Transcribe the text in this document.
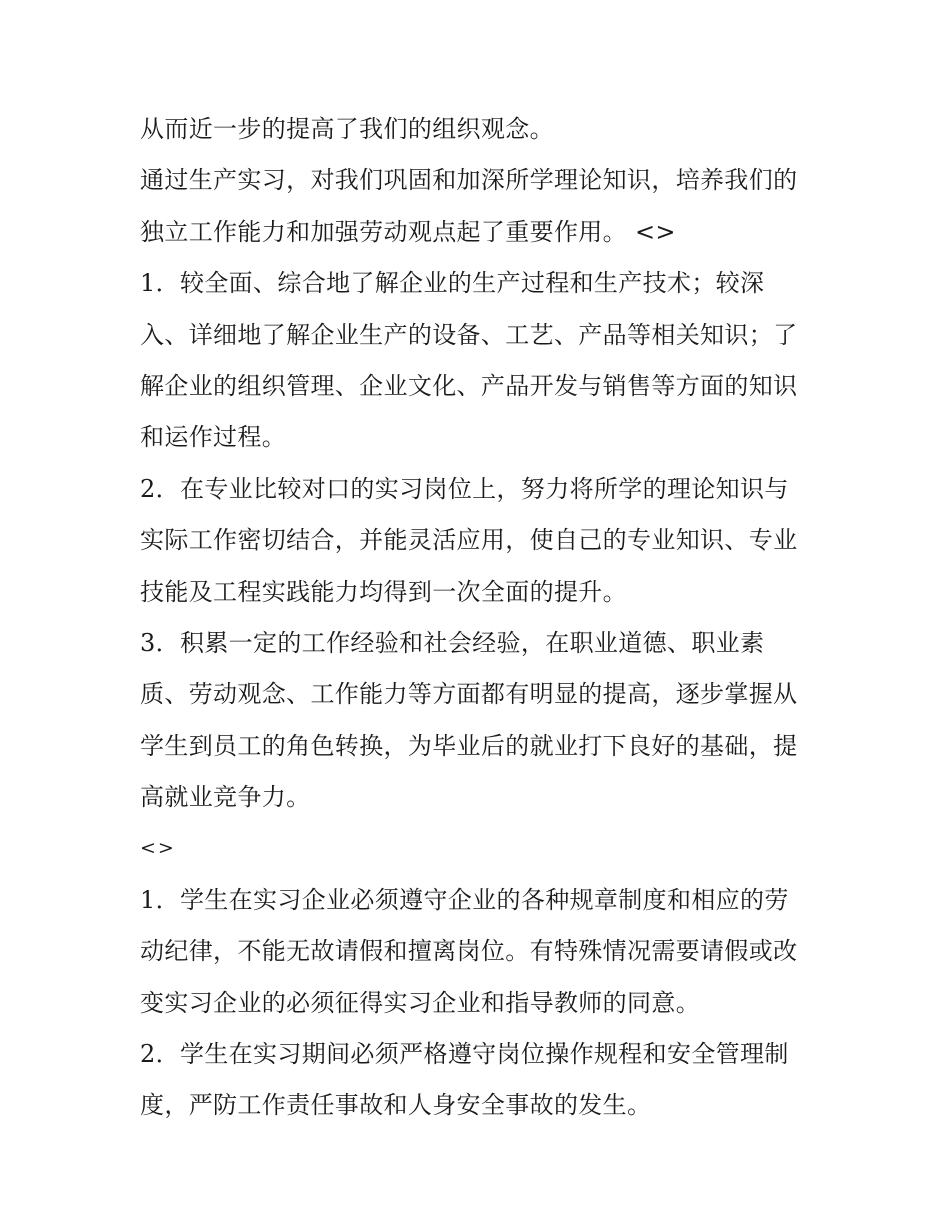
从而近一步的提高了我们的组织观念。
通过生产实习，对我们巩固和加深所学理论知识，培养我们的
独立工作能力和加强劳动观点起了重要作用。 <>
1．较全面、综合地了解企业的生产过程和生产技术；较深
入、详细地了解企业生产的设备、工艺、产品等相关知识；了
解企业的组织管理、企业文化、产品开发与销售等方面的知识
和运作过程。
2．在专业比较对口的实习岗位上，努力将所学的理论知识与
实际工作密切结合，并能灵活应用，使自己的专业知识、专业
技能及工程实践能力均得到一次全面的提升。
3．积累一定的工作经验和社会经验，在职业道德、职业素
质、劳动观念、工作能力等方面都有明显的提高，逐步掌握从
学生到员工的角色转换，为毕业后的就业打下良好的基础，提
高就业竞争力。
<>
1．学生在实习企业必须遵守企业的各种规章制度和相应的劳
动纪律，不能无故请假和擅离岗位。有特殊情况需要请假或改
变实习企业的必须征得实习企业和指导教师的同意。
2．学生在实习期间必须严格遵守岗位操作规程和安全管理制
度，严防工作责任事故和人身安全事故的发生。
